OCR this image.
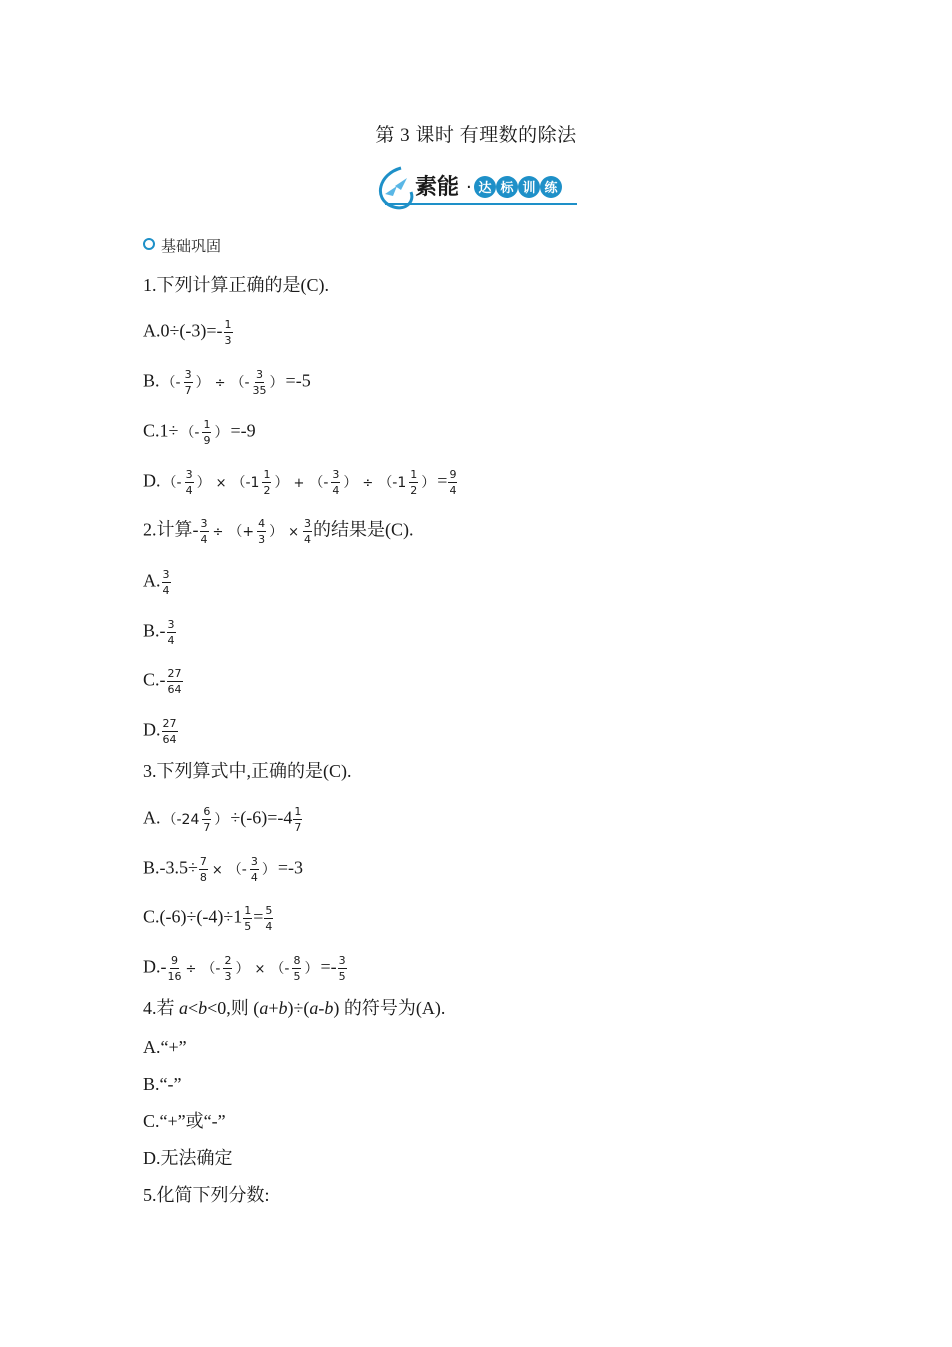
第 3 课时 有理数的除法
素能 · 达 标 训 练
基础巩固
1.下列计算正确的是(C).
$A.0\div(-3)=- \frac{1}{3}$
B. （- $\frac{3}{7}$ ） ÷ （- $\frac{3}{35}$ ） =-5
C.1÷ （- $\frac{1}{9}$ ） =-9
D. （- $\frac{3}{4}$ ） × （$-1 \frac{1}{2}$ ） + （- $\frac{3}{4}$ ） ÷ （$-1 \frac{1}{2}$ ） = $\frac{9}{4}$
2.计算- $\frac{3}{4}$ ÷ （+ $\frac{4}{3}$ ） × $\frac{3}{4}$ 的结果是(C).
A. $\frac{3}{4}$
$B.- \frac{3}{4}$
$C.- \frac{27}{64}$
D. $\frac{27}{64}$
3.下列算式中,正确的是(C).
A. （$-24 \frac{6}{7}$ ） $\div(-6)=-4 \frac{1}{7}$
$B.-3.5\div \frac{7}{8}$ × （- $\frac{3}{4}$ ） =-3
$C.(-6)\div(-4)\div 1 \frac{1}{5} = \frac{5}{4}$
$D.- \frac{9}{16}$ ÷ （- $\frac{2}{3}$ ） × （- $\frac{8}{5}$ ） =- $\frac{3}{5}$
4.若 a<b<0,则 (a+b)÷(a-b) 的符号为(A).
A.“+”
B.“-”
C.“+”或“-”
D.无法确定
5.化简下列分数:
